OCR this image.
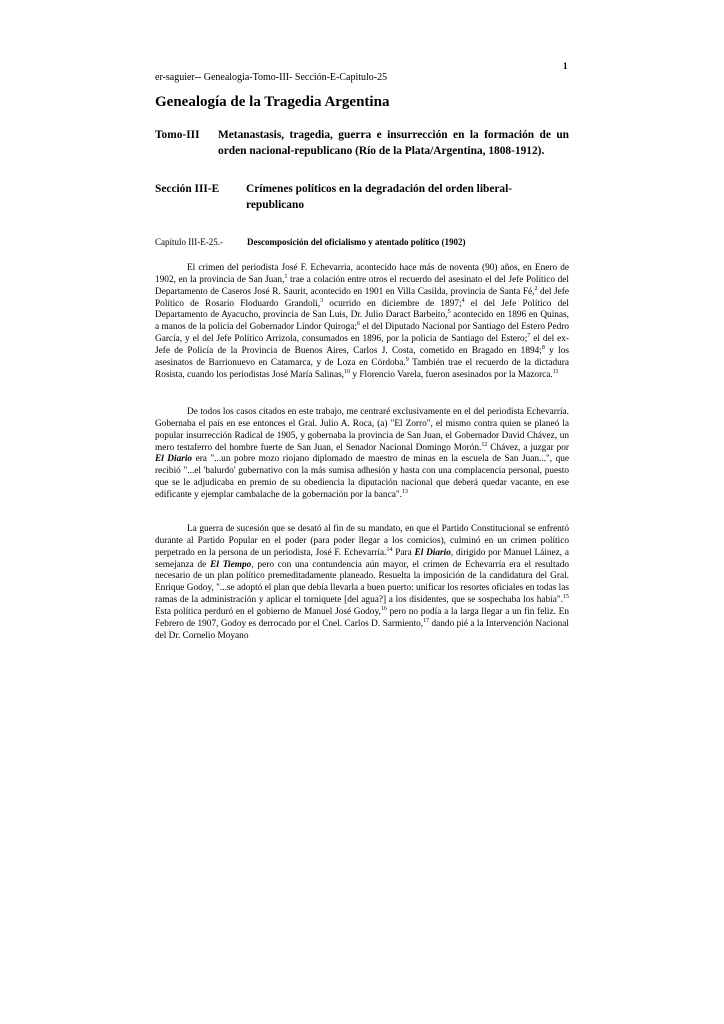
1
er-saguier-- Genealogia-Tomo-III- Sección-E-Capitulo-25
Genealogía de la Tragedia Argentina
Tomo-III Metanastasis, tragedia, guerra e insurrección en la formación de un orden nacional-republicano (Río de la Plata/Argentina, 1808-1912).
Sección III-E Crímenes políticos en la degradación del orden liberal-republicano
Capítulo III-E-25.-	Descomposición del oficialismo y atentado político (1902)

El crimen del periodista José F. Echevarria, acontecido hace más de noventa (90) años, en Enero de 1902, en la provincia de San Juan,$^1$ trae a colación entre otros el recuerdo del asesinato el del Jefe Político del Departamento de Caseros José R. Saurit, acontecido en 1901 en Villa Casilda, provincia de Santa Fé,$^2$ del Jefe Político de Rosario Floduardo Grandoli,$^3$ ocurrido en diciembre de 1897;$^4$ el del Jefe Político del Departamento de Ayacucho, provincia de San Luis, Dr. Julio Daract Barbeito,$^5$ acontecido en 1896 en Quinas, a manos de la policía del Gobernador Líndor Quiroga;$^6$ el del Diputado Nacional por Santiago del Estero Pedro García, y el del Jefe Político Arrizola, consumados en 1896, por la policía de Santiago del Estero;$^7$ el del ex-Jefe de Policía de la Provincia de Buenos Aires, Carlos J. Costa, cometido en Bragado en 1894;$^8$ y los asesinatos de Barrionuevo en Catamarca, y de Loza en Córdoba.$^9$ También trae el recuerdo de la dictadura Rosista, cuando los periodistas José María Salinas,$^{10}$ y Florencio Varela, fueron asesinados por la Mazorca.$^{11}$

De todos los casos citados en este trabajo, me centraré exclusivamente en el del periodista Echevarría. Gobernaba el país en ese entonces el Gral. Julio A. Roca, (a) "El Zorro", el mismo contra quien se planeó la popular insurrección Radical de 1905, y gobernaba la provincia de San Juan, el Gobernador David Chávez, un mero testaferro del hombre fuerte de San Juan, el Senador Nacional Domingo Morón.$^{12}$ Chávez, a juzgar por El Diario era "...un pobre mozo riojano diplomado de maestro de minas en la escuela de San Juan...", que recibió "...el 'balurdo' gubernativo con la más sumisa adhesión y hasta con una complacencia personal, puesto que se le adjudicaba en premio de su obediencia la diputación nacional que deberá quedar vacante, en ese edificante y ejemplar cambalache de la gobernación por la banca".$^{13}$

La guerra de sucesión que se desató al fin de su mandato, en que el Partido Constitucional se enfrentó durante al Partido Popular en el poder (para poder llegar a los comicios), culminó en un crimen político perpetrado en la persona de un periodista, José F. Echevarría.$^{14}$ Para El Diario, dirigido por Manuel Láinez, a semejanza de El Tiempo, pero con una contundencia aún mayor, el crimen de Echevarría era el resultado necesario de un plan político premeditadamente planeado. Resuelta la imposición de la candidatura del Gral. Enrique Godoy, "...se adoptó el plan que debía llevarla a buen puerto: unificar los resortes oficiales en todas las ramas de la administración y aplicar el torniquete [del agua?] a los disidentes, que se sospechaba los había".$^{15}$ Esta política perduró en el gobierno de Manuel José Godoy,$^{16}$ pero no podía a la larga llegar a un fin feliz. En Febrero de 1907, Godoy es derrocado por el Cnel. Carlos D. Sarmiento,$^{17}$ dando pié a la Intervención Nacional del Dr. Cornelio Moyano
